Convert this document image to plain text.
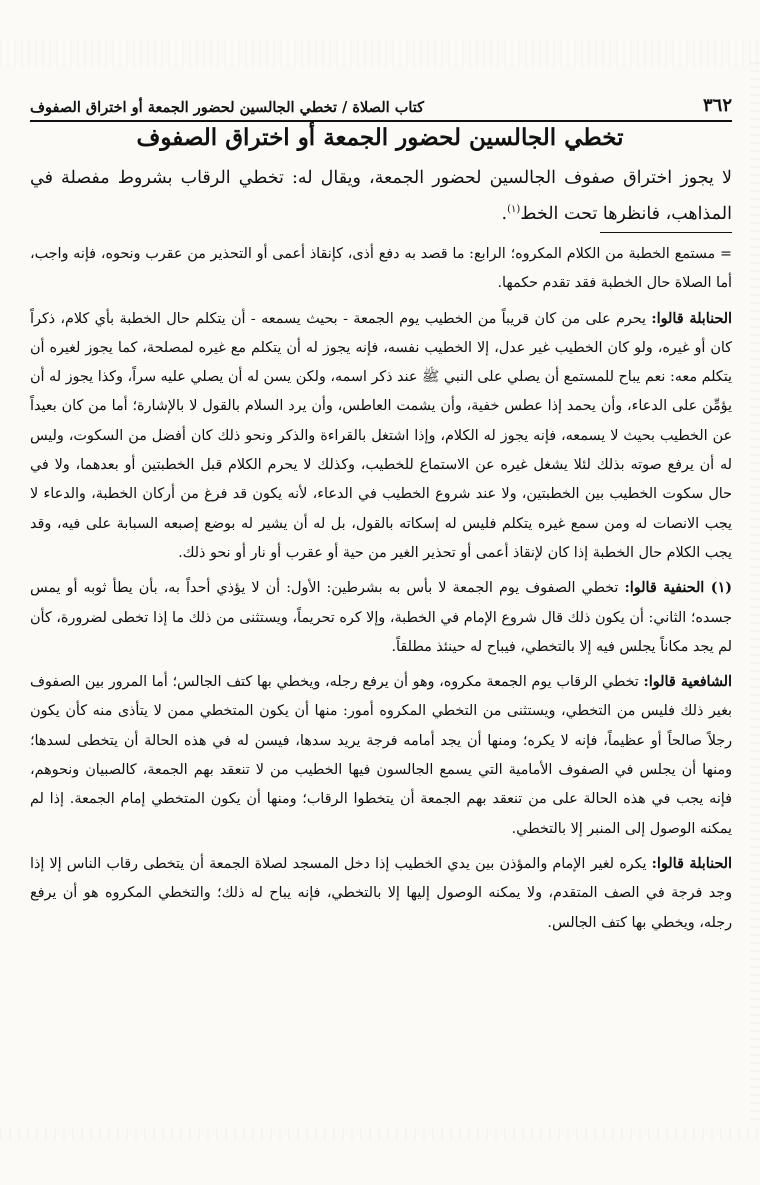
٣٦٢
كتاب الصلاة / تخطي الجالسين لحضور الجمعة أو اختراق الصفوف
تخطي الجالسين لحضور الجمعة أو اختراق الصفوف
لا يجوز اختراق صفوف الجالسين لحضور الجمعة، ويقال له: تخطي الرقاب بشروط مفصلة في المذاهب، فانظرها تحت الخط$^{(١)}$.

= مستمع الخطبة من الكلام المكروه؛ الرابع: ما قصد به دفع أذى، كإنقاذ أعمى أو التحذير من عقرب ونحوه، فإنه واجب، أما الصلاة حال الخطبة فقد تقدم حكمها.

الحنابلة قالوا: يحرم على من كان قريباً من الخطيب يوم الجمعة - بحيث يسمعه - أن يتكلم حال الخطبة بأي كلام، ذكراً كان أو غيره، ولو كان الخطيب غير عدل، إلا الخطيب نفسه، فإنه يجوز له أن يتكلم مع غيره لمصلحة، كما يجوز لغيره أن يتكلم معه: نعم يباح للمستمع أن يصلي على النبي ﷺ عند ذكر اسمه، ولكن يسن له أن يصلي عليه سراً، وكذا يجوز له أن يؤمِّن على الدعاء، وأن يحمد إذا عطس خفية، وأن يشمت العاطس، وأن يرد السلام بالقول لا بالإشارة؛ أما من كان بعيداً عن الخطيب بحيث لا يسمعه، فإنه يجوز له الكلام، وإذا اشتغل بالقراءة والذكر ونحو ذلك كان أفضل من السكوت، وليس له أن يرفع صوته بذلك لئلا يشغل غيره عن الاستماع للخطيب، وكذلك لا يحرم الكلام قبل الخطبتين أو بعدهما، ولا في حال سكوت الخطيب بين الخطبتين، ولا عند شروع الخطيب في الدعاء، لأنه يكون قد فرغ من أركان الخطبة، والدعاء لا يجب الانصات له ومن سمع غيره يتكلم فليس له إسكاته بالقول، بل له أن يشير له بوضع إصبعه السبابة على فيه، وقد يجب الكلام حال الخطبة إذا كان لإنقاذ أعمى أو تحذير الغير من حية أو عقرب أو نار أو نحو ذلك.

(١) الحنفية قالوا: تخطي الصفوف يوم الجمعة لا بأس به بشرطين: الأول: أن لا يؤذي أحداً به، بأن يطأ ثوبه أو يمس جسده؛ الثاني: أن يكون ذلك قال شروع الإمام في الخطبة، وإلا كره تحريماً، ويستثنى من ذلك ما إذا تخطى لضرورة، كأن لم يجد مكاناً يجلس فيه إلا بالتخطي، فيباح له حينئذ مطلقاً.

الشافعية قالوا: تخطي الرقاب يوم الجمعة مكروه، وهو أن يرفع رجله، ويخطي بها كتف الجالس؛ أما المرور بين الصفوف بغير ذلك فليس من التخطي، ويستثنى من التخطي المكروه أمور: منها أن يكون المتخطي ممن لا يتأذى منه كأن يكون رجلاً صالحاً أو عظيماً، فإنه لا يكره؛ ومنها أن يجد أمامه فرجة يريد سدها، فيسن له في هذه الحالة أن يتخطى لسدها؛ ومنها أن يجلس في الصفوف الأمامية التي يسمع الجالسون فيها الخطيب من لا تنعقد بهم الجمعة، كالصبيان ونحوهم، فإنه يجب في هذه الحالة على من تنعقد بهم الجمعة أن يتخطوا الرقاب؛ ومنها أن يكون المتخطي إمام الجمعة. إذا لم يمكنه الوصول إلى المنبر إلا بالتخطي.

الحنابلة قالوا: يكره لغير الإمام والمؤذن بين يدي الخطيب إذا دخل المسجد لصلاة الجمعة أن يتخطى رقاب الناس إلا إذا وجد فرجة في الصف المتقدم، ولا يمكنه الوصول إليها إلا بالتخطي، فإنه يباح له ذلك؛ والتخطي المكروه هو أن يرفع رجله، ويخطي بها كتف الجالس.
